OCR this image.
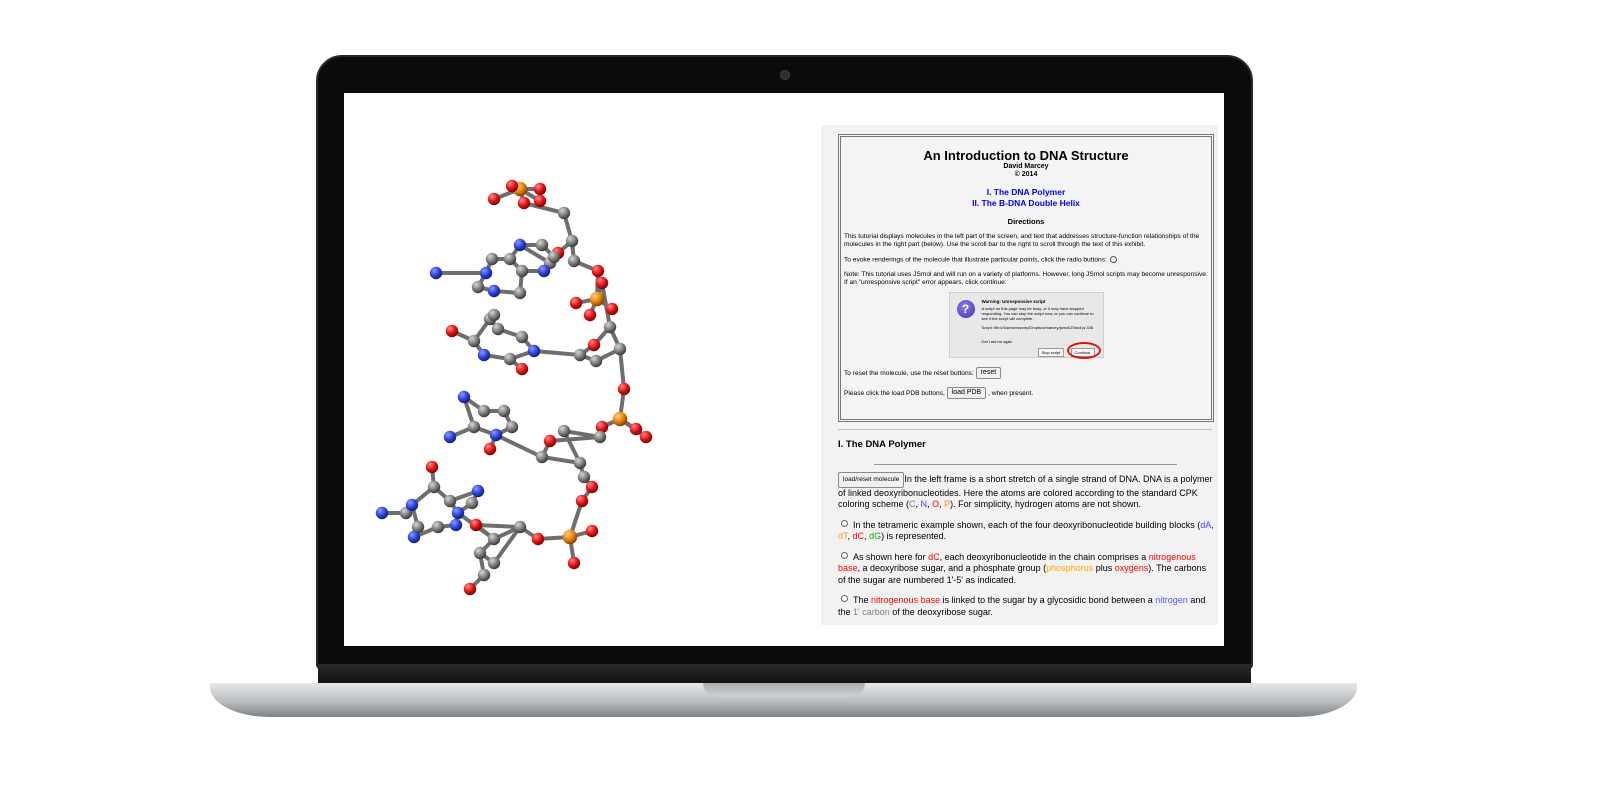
An Introduction to DNA Structure
David Marcey
© 2014
I. The DNA Polymer
II. The B-DNA Double Helix
Directions
This tutorial displays molecules in the left part of the screen, and text that addresses structure-function relationships of the molecules in the right part (below). Use the scroll bar to the right to scroll through the text of this exhibit.
To evoke renderings of the molecule that illustrate particular points, click the radio buttons:
Note: This tutorial uses JSmol and will run on a variety of platforms. However, long JSmol scripts may become unresponsive. If an "unresponsive script" error appears, click continue:
?
Warning: Unresponsive script
A script on this page may be busy, or it may have stopped responding. You can stop the script now, or you can continue to see if the script will complete.
Script: file:///Users/marcey/Dropbox/marcey/jsmol/JSmol.js:336
Don't ask me again
Stop script	Continue
To reset the molecule, use the reset buttons: reset
Please click the load PDB buttons, load PDB , when present.
I. The DNA Polymer

load/reset molecule In the left frame is a short stretch of a single strand of DNA. DNA is a polymer of linked deoxyribonucleotides. Here the atoms are colored according to the standard CPK coloring scheme (C, N, O, P). For simplicity, hydrogen atoms are not shown.

In the tetrameric example shown, each of the four deoxyribonucleotide building blocks (dA, dT, dC, dG) is represented.

As shown here for dC, each deoxyribonucleotide in the chain comprises a nitrogenous base, a deoxyribose sugar, and a phosphate group (phosphorus plus oxygens). The carbons of the sugar are numbered 1'-5' as indicated.

The nitrogenous base is linked to the sugar by a glycosidic bond between a nitrogen and the 1' carbon of the deoxyribose sugar.
